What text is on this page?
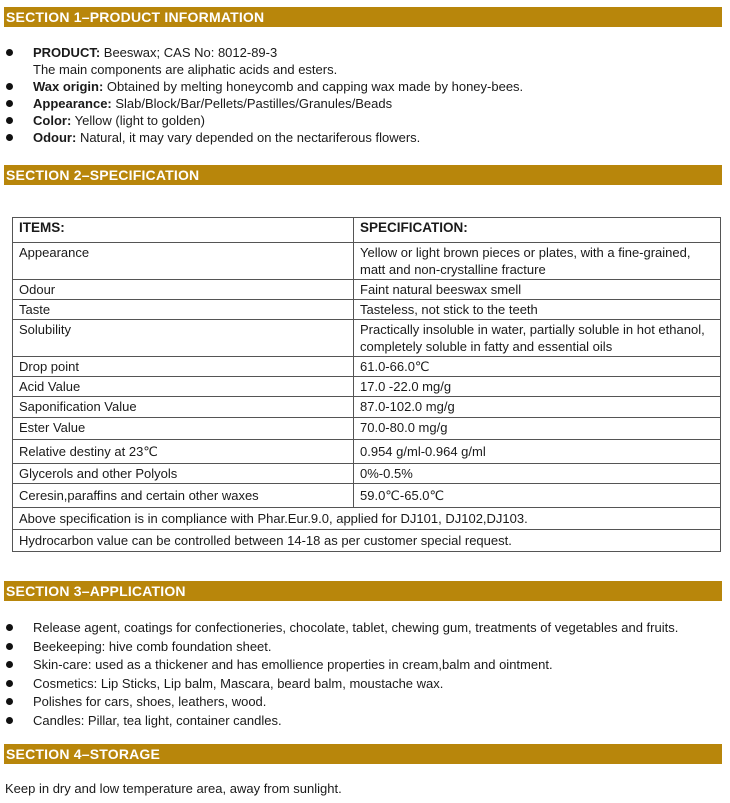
SECTION 1–PRODUCT INFORMATION
PRODUCT: Beeswax; CAS No: 8012-89-3
The main components are aliphatic acids and esters.
Wax origin: Obtained by melting honeycomb and capping wax made by honey-bees.
Appearance: Slab/Block/Bar/Pellets/Pastilles/Granules/Beads
Color: Yellow (light to golden)
Odour: Natural, it may vary depended on the nectariferous flowers.
SECTION 2–SPECIFICATION
ITEMS:	SPECIFICATION:
Appearance	Yellow or light brown pieces or plates, with a fine-grained, matt and non-crystalline fracture
Odour	Faint natural beeswax smell
Taste	Tasteless, not stick to the teeth
Solubility	Practically insoluble in water, partially soluble in hot ethanol, completely soluble in fatty and essential oils
Drop point	61.0-66.0℃
Acid Value	17.0 -22.0 mg/g
Saponification Value	87.0-102.0 mg/g
Ester Value	70.0-80.0 mg/g
Relative destiny at 23℃	0.954 g/ml-0.964 g/ml
Glycerols and other Polyols	0%-0.5%
Ceresin,paraffins and certain other waxes	59.0℃-65.0℃
Above specification is in compliance with Phar.Eur.9.0, applied for DJ101, DJ102,DJ103.	
Hydrocarbon value can be controlled between 14-18 as per customer special request.	
SECTION 3–APPLICATION
Release agent, coatings for confectioneries, chocolate, tablet, chewing gum, treatments of vegetables and fruits.
Beekeeping: hive comb foundation sheet.
Skin-care: used as a thickener and has emollience properties in cream,balm and ointment.
Cosmetics: Lip Sticks, Lip balm, Mascara, beard balm, moustache wax.
Polishes for cars, shoes, leathers, wood.
Candles: Pillar, tea light, container candles.
SECTION 4–STORAGE
Keep in dry and low temperature area, away from sunlight.
